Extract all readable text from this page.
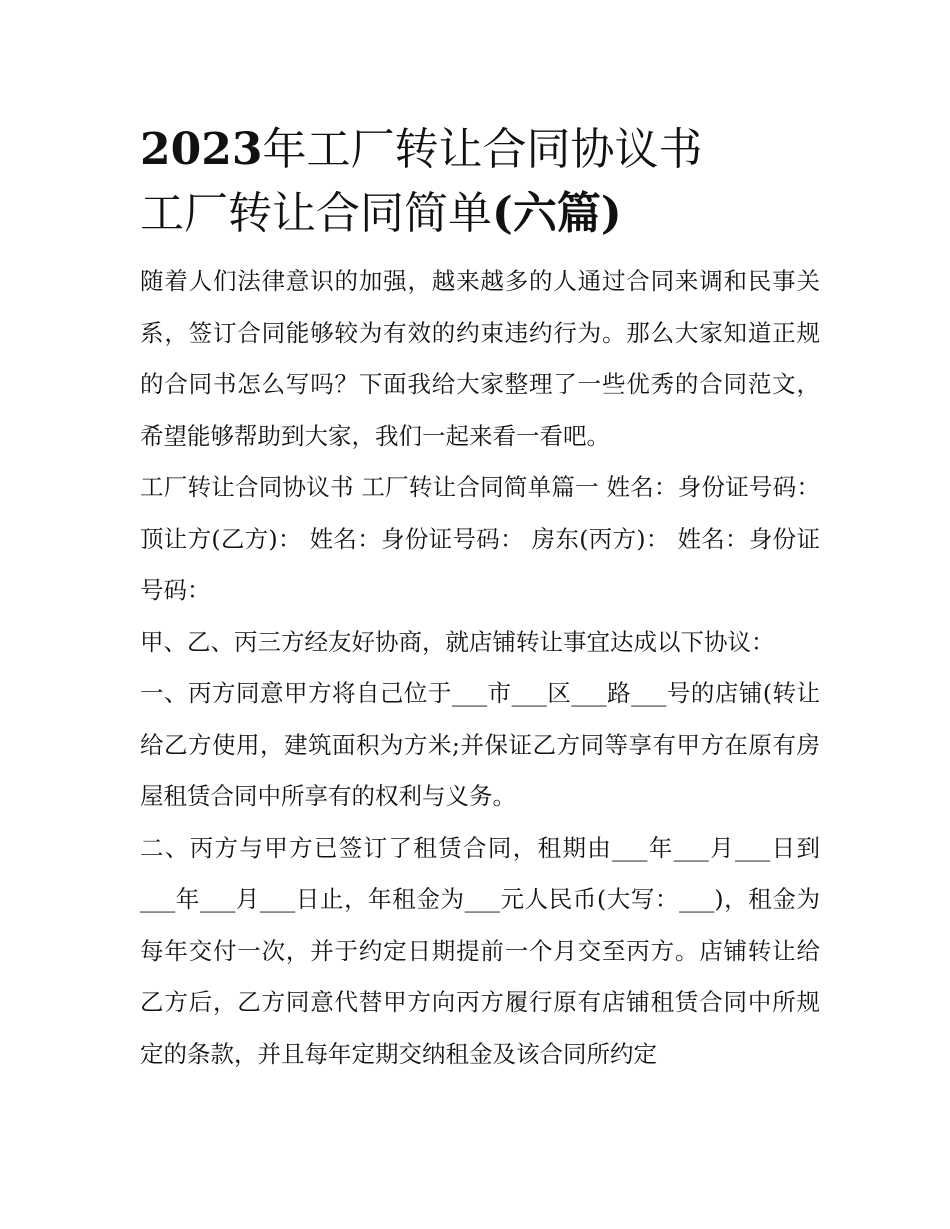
2023年工厂转让合同协议书
工厂转让合同简单(六篇)

随着人们法律意识的加强，越来越多的人通过合同来调和民事关系，签订合同能够较为有效的约束违约行为。那么大家知道正规的合同书怎么写吗？下面我给大家整理了一些优秀的合同范文，希望能够帮助到大家，我们一起来看一看吧。

工厂转让合同协议书 工厂转让合同简单篇一 姓名：身份证号码： 顶让方(乙方)： 姓名：身份证号码： 房东(丙方)： 姓名：身份证号码：

甲、乙、丙三方经友好协商，就店铺转让事宜达成以下协议：

一、丙方同意甲方将自己位于___市___区___路___号的店铺(转让给乙方使用，建筑面积为方米;并保证乙方同等享有甲方在原有房屋租赁合同中所享有的权利与义务。

二、丙方与甲方已签订了租赁合同，租期由___年___月___日到___年___月___日止，年租金为___元人民币(大写：___)，租金为每年交付一次，并于约定日期提前一个月交至丙方。店铺转让给乙方后，乙方同意代替甲方向丙方履行原有店铺租赁合同中所规定的条款，并且每年定期交纳租金及该合同所约定
